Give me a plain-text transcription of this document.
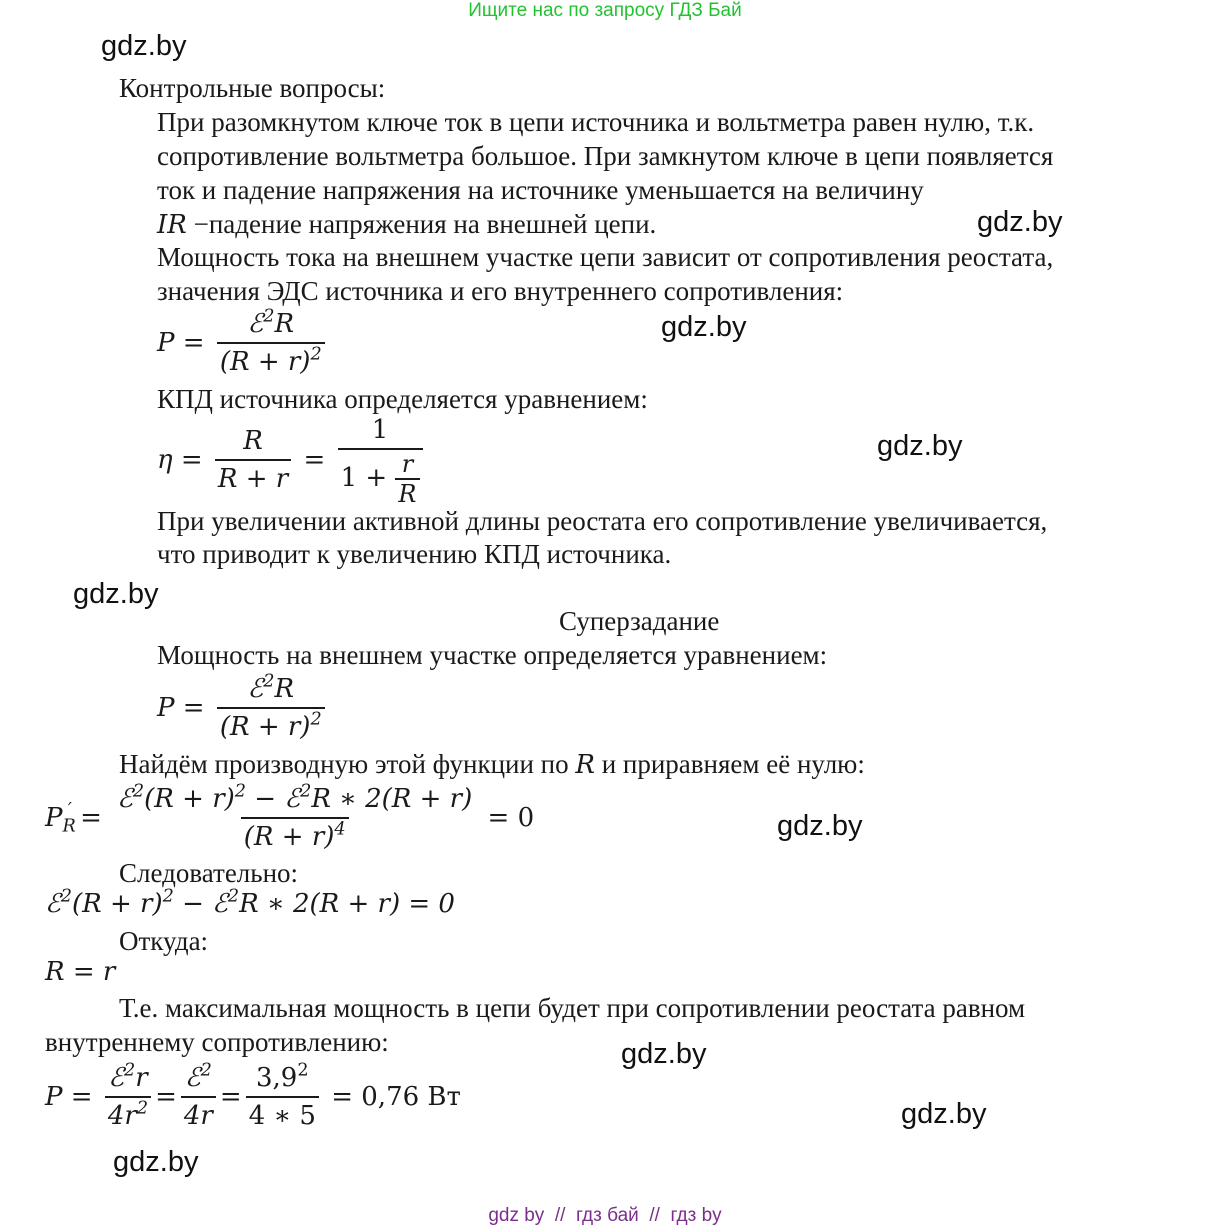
Ищите нас по запросу ГДЗ Бай
gdz.by
gdz.by
gdz.by
gdz.by
gdz.by
gdz.by
gdz.by
gdz.by
gdz.by
Контрольные вопросы:
При разомкнутом ключе ток в цепи источника и вольтметра равен нулю, т.к.
сопротивление вольтметра большое. При замкнутом ключе в цепи появляется
ток и падение напряжения на источнике уменьшается на величину
IR −падение напряжения на внешней цепи.
Мощность тока на внешнем участке цепи зависит от сопротивления реостата,
значения ЭДС источника и его внутреннего сопротивления:
$P = \frac{ℰ^2R}{(R + r)^2}$
КПД источника определяется уравнением:
$\eta = \frac{R}{R + r} = \frac{1}{1 + \frac{r}{R}}$
При увеличении активной длины реостата его сопротивление увеличивается,
что приводит к увеличению КПД источника.
Суперзадание
Мощность на внешнем участке определяется уравнением:
$P = \frac{ℰ^2R}{(R + r)^2}$
Найдём производную этой функции по R и приравняем её нулю:
$P_R' = \frac{ℰ^2(R + r)^2 - ℰ^2R ∗ 2(R + r)}{(R + r)^4} = 0$
Следовательно:
ℰ$^2$(R + r)$^2$ − ℰ$^2$R ∗ 2(R + r) = 0
Откуда:
R = r
Т.е. максимальная мощность в цепи будет при сопротивлении реостата равном
внутреннему сопротивлению:
$P = \frac{ℰ^2r}{4r^2} = \frac{ℰ^2}{4r} = \frac{3,9^2}{4 ∗ 5} = 0,76$ Вт
gdz by // гдз бай // гдз by
